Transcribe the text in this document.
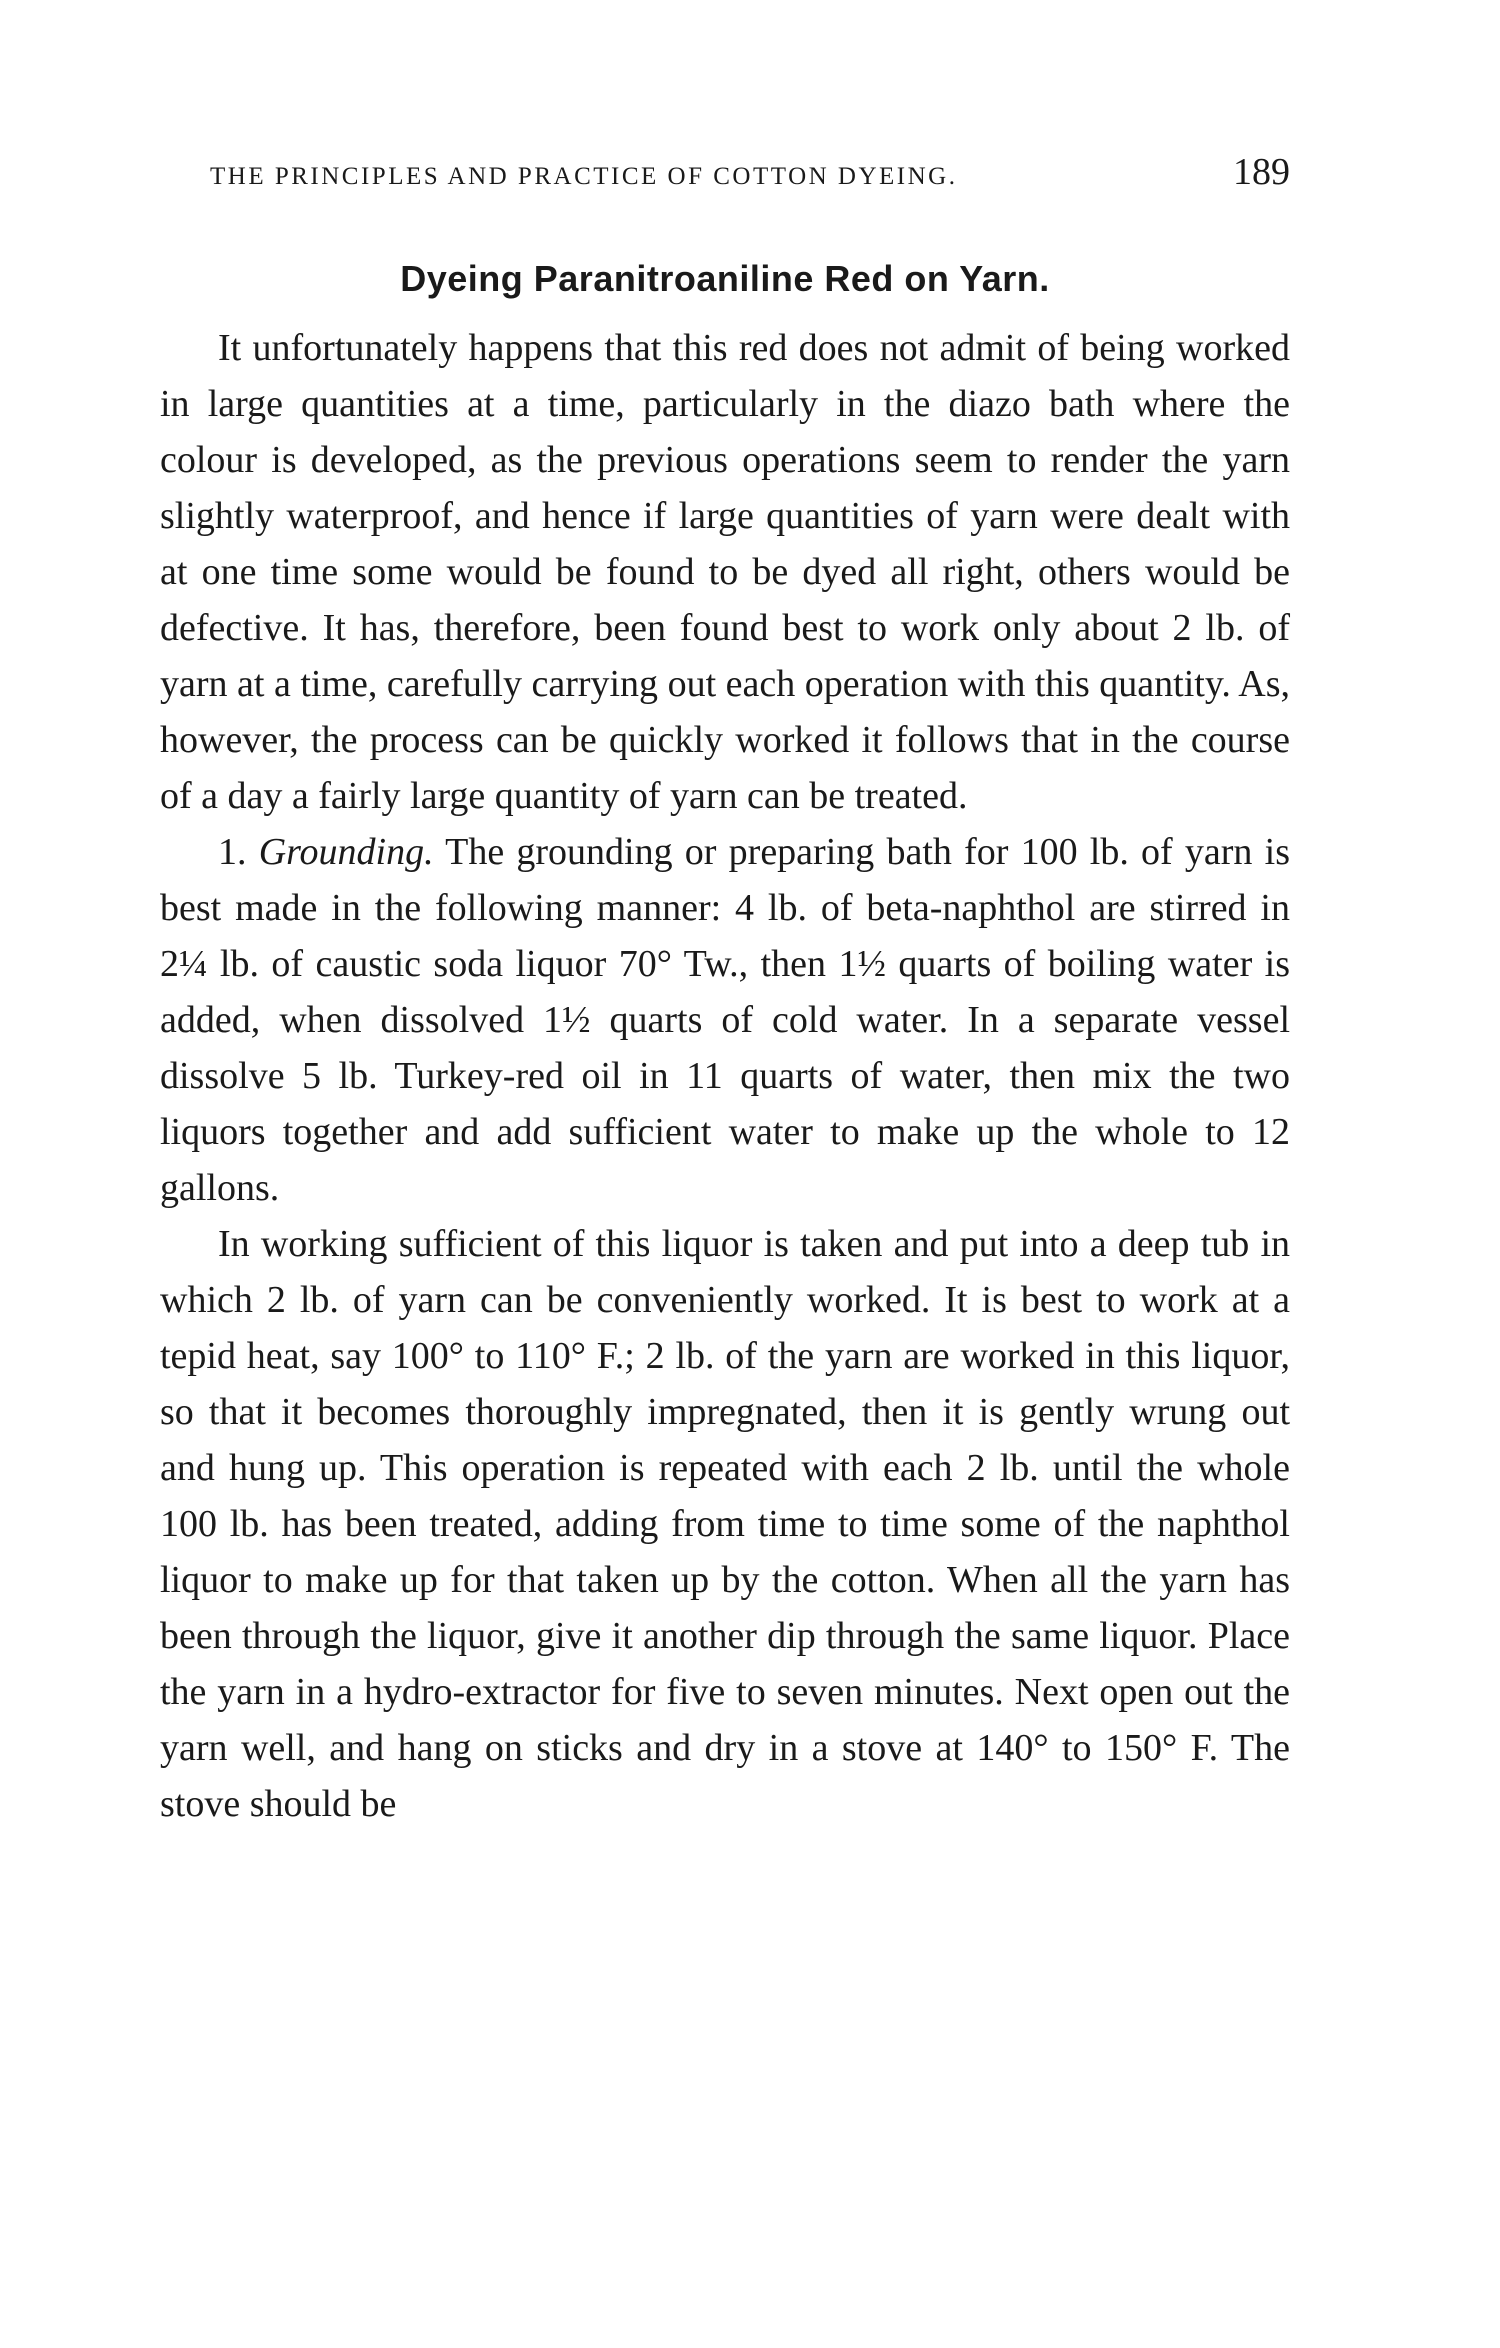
THE PRINCIPLES AND PRACTICE OF COTTON DYEING.	189
Dyeing Paranitroaniline Red on Yarn.

It unfortunately happens that this red does not admit of being worked in large quantities at a time, particularly in the diazo bath where the colour is developed, as the previous operations seem to render the yarn slightly waterproof, and hence if large quantities of yarn were dealt with at one time some would be found to be dyed all right, others would be defective. It has, therefore, been found best to work only about 2 lb. of yarn at a time, carefully carrying out each operation with this quantity. As, however, the process can be quickly worked it follows that in the course of a day a fairly large quantity of yarn can be treated.

1. Grounding. The grounding or preparing bath for 100 lb. of yarn is best made in the following manner: 4 lb. of beta-naphthol are stirred in 2¼ lb. of caustic soda liquor 70° Tw., then 1½ quarts of boiling water is added, when dissolved 1½ quarts of cold water. In a separate vessel dissolve 5 lb. Turkey-red oil in 11 quarts of water, then mix the two liquors together and add sufficient water to make up the whole to 12 gallons.

In working sufficient of this liquor is taken and put into a deep tub in which 2 lb. of yarn can be conveniently worked. It is best to work at a tepid heat, say 100° to 110° F.; 2 lb. of the yarn are worked in this liquor, so that it becomes thoroughly impregnated, then it is gently wrung out and hung up. This operation is repeated with each 2 lb. until the whole 100 lb. has been treated, adding from time to time some of the naphthol liquor to make up for that taken up by the cotton. When all the yarn has been through the liquor, give it another dip through the same liquor. Place the yarn in a hydro-extractor for five to seven minutes. Next open out the yarn well, and hang on sticks and dry in a stove at 140° to 150° F. The stove should be
